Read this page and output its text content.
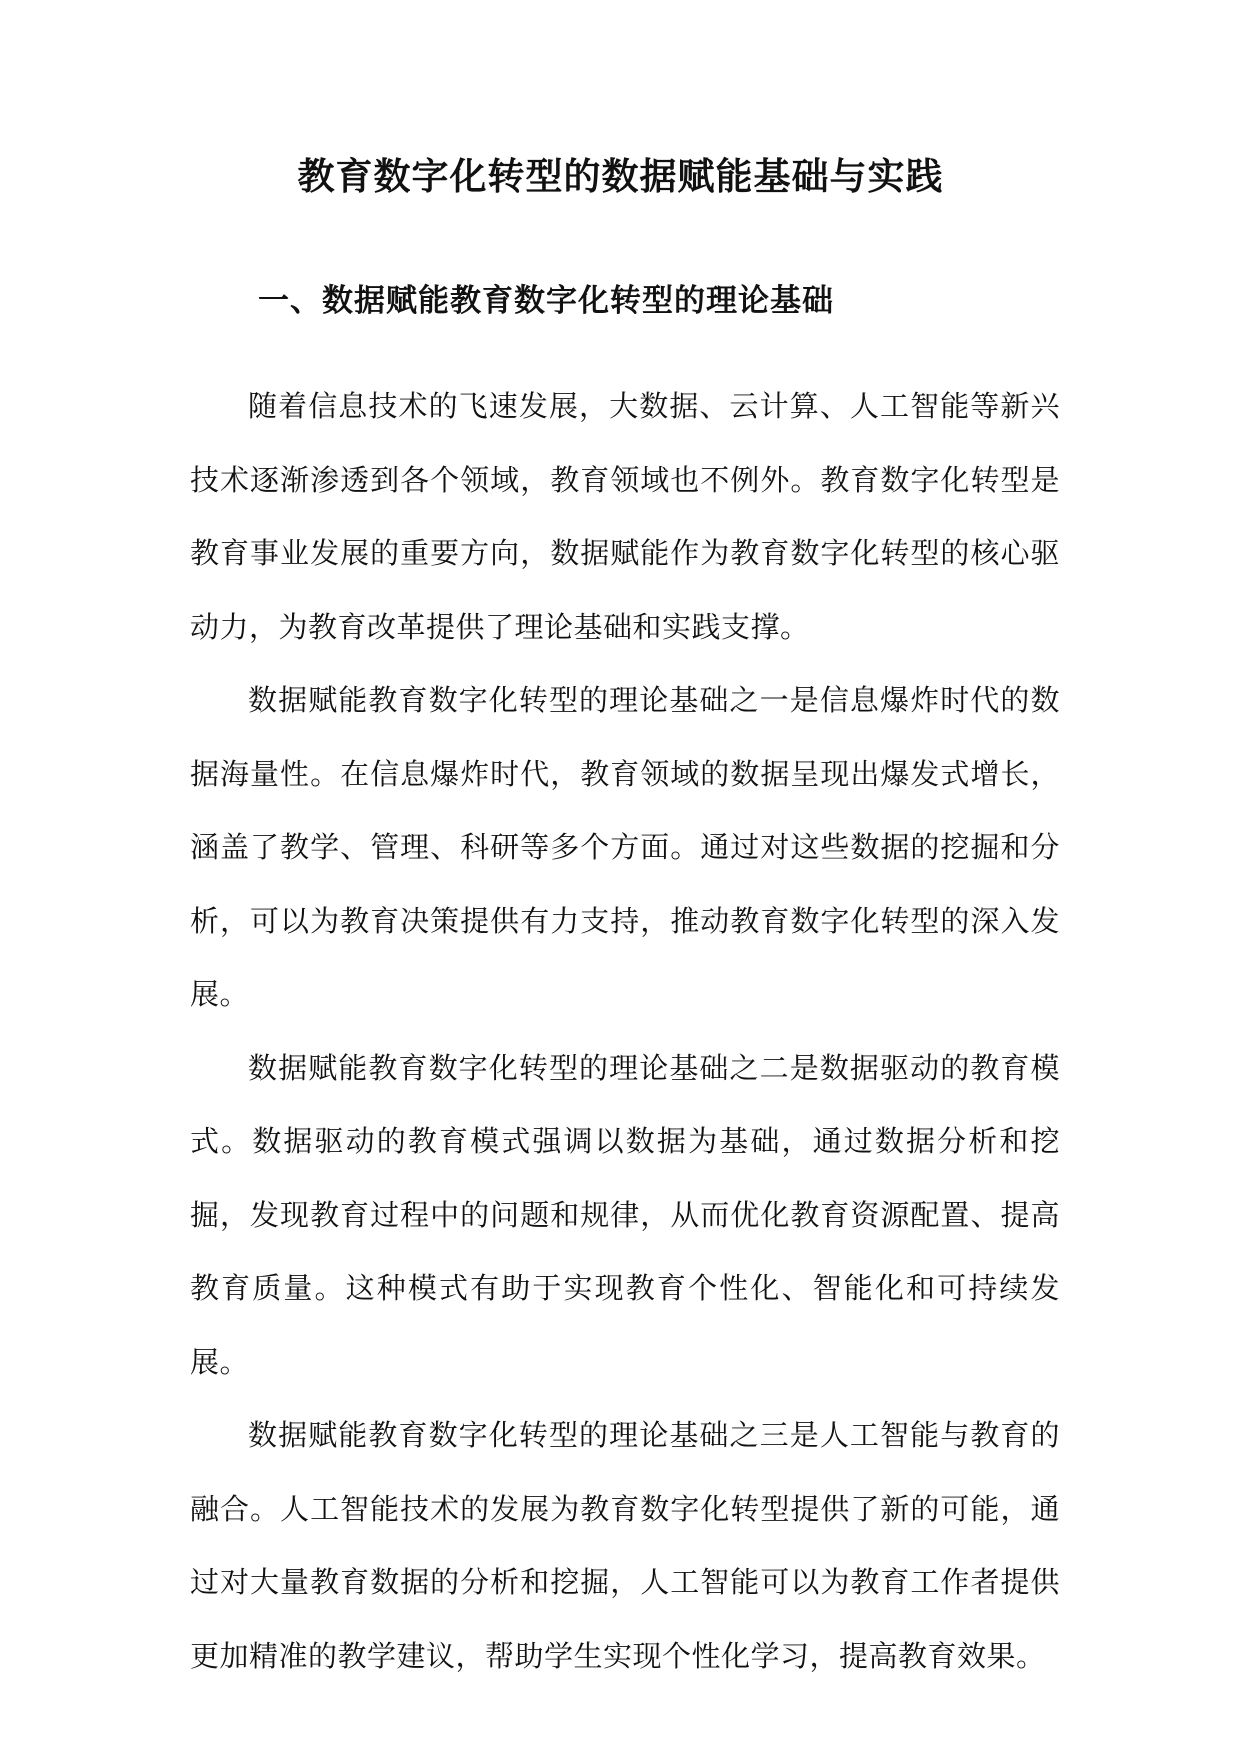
教育数字化转型的数据赋能基础与实践
一、数据赋能教育数字化转型的理论基础

随着信息技术的飞速发展，大数据、云计算、人工智能等新兴技术逐渐渗透到各个领域，教育领域也不例外。教育数字化转型是教育事业发展的重要方向，数据赋能作为教育数字化转型的核心驱动力，为教育改革提供了理论基础和实践支撑。

数据赋能教育数字化转型的理论基础之一是信息爆炸时代的数据海量性。在信息爆炸时代，教育领域的数据呈现出爆发式增长，涵盖了教学、管理、科研等多个方面。通过对这些数据的挖掘和分析，可以为教育决策提供有力支持，推动教育数字化转型的深入发展。

数据赋能教育数字化转型的理论基础之二是数据驱动的教育模式。数据驱动的教育模式强调以数据为基础，通过数据分析和挖掘，发现教育过程中的问题和规律，从而优化教育资源配置、提高教育质量。这种模式有助于实现教育个性化、智能化和可持续发展。

数据赋能教育数字化转型的理论基础之三是人工智能与教育的融合。人工智能技术的发展为教育数字化转型提供了新的可能，通过对大量教育数据的分析和挖掘，人工智能可以为教育工作者提供更加精准的教学建议，帮助学生实现个性化学习，提高教育效果。
